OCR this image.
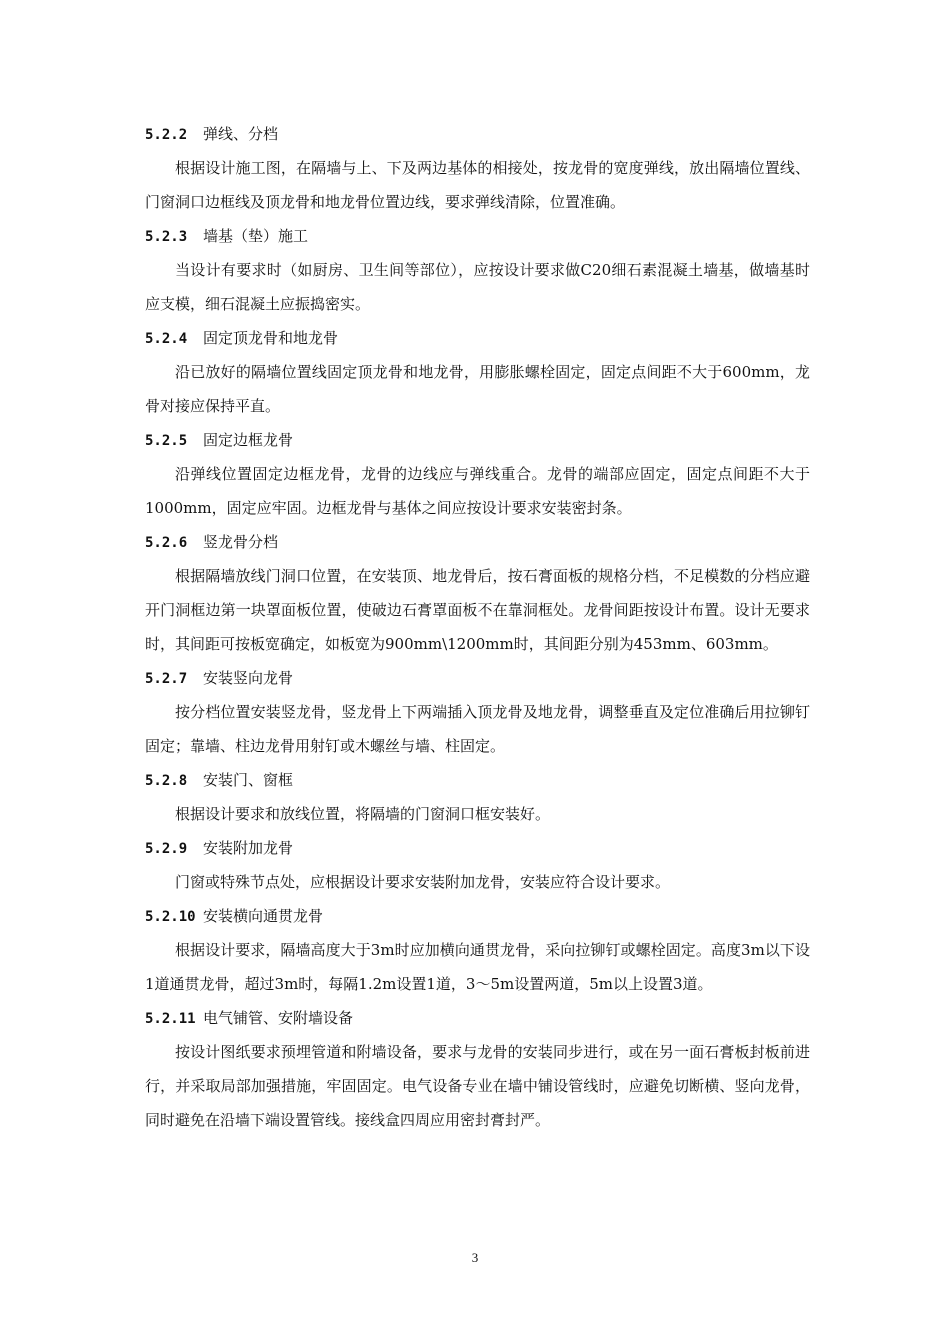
5.2.2 弹线、分档

根据设计施工图，在隔墙与上、下及两边基体的相接处，按龙骨的宽度弹线，放出隔墙位置线、门窗洞口边框线及顶龙骨和地龙骨位置边线，要求弹线清除，位置准确。

5.2.3 墙基（垫）施工

当设计有要求时（如厨房、卫生间等部位），应按设计要求做C20细石素混凝土墙基，做墙基时应支模，细石混凝土应振捣密实。

5.2.4 固定顶龙骨和地龙骨

沿已放好的隔墙位置线固定顶龙骨和地龙骨，用膨胀螺栓固定，固定点间距不大于600mm，龙骨对接应保持平直。

5.2.5 固定边框龙骨

沿弹线位置固定边框龙骨，龙骨的边线应与弹线重合。龙骨的端部应固定，固定点间距不大于1000mm，固定应牢固。边框龙骨与基体之间应按设计要求安装密封条。

5.2.6 竖龙骨分档

根据隔墙放线门洞口位置，在安装顶、地龙骨后，按石膏面板的规格分档，不足模数的分档应避开门洞框边第一块罩面板位置，使破边石膏罩面板不在靠洞框处。龙骨间距按设计布置。设计无要求时，其间距可按板宽确定，如板宽为900mm\1200mm时，其间距分别为453mm、603mm。

5.2.7 安装竖向龙骨

按分档位置安装竖龙骨，竖龙骨上下两端插入顶龙骨及地龙骨，调整垂直及定位准确后用拉铆钉固定；靠墙、柱边龙骨用射钉或木螺丝与墙、柱固定。

5.2.8 安装门、窗框

根据设计要求和放线位置，将隔墙的门窗洞口框安装好。

5.2.9 安装附加龙骨

门窗或特殊节点处，应根据设计要求安装附加龙骨，安装应符合设计要求。

5.2.10 安装横向通贯龙骨

根据设计要求，隔墙高度大于3m时应加横向通贯龙骨，采向拉铆钉或螺栓固定。高度3m以下设1道通贯龙骨，超过3m时，每隔1.2m设置1道，3～5m设置两道，5m以上设置3道。

5.2.11 电气铺管、安附墙设备

按设计图纸要求预埋管道和附墙设备，要求与龙骨的安装同步进行，或在另一面石膏板封板前进行，并采取局部加强措施，牢固固定。电气设备专业在墙中铺设管线时，应避免切断横、竖向龙骨，同时避免在沿墙下端设置管线。接线盒四周应用密封膏封严。

3
